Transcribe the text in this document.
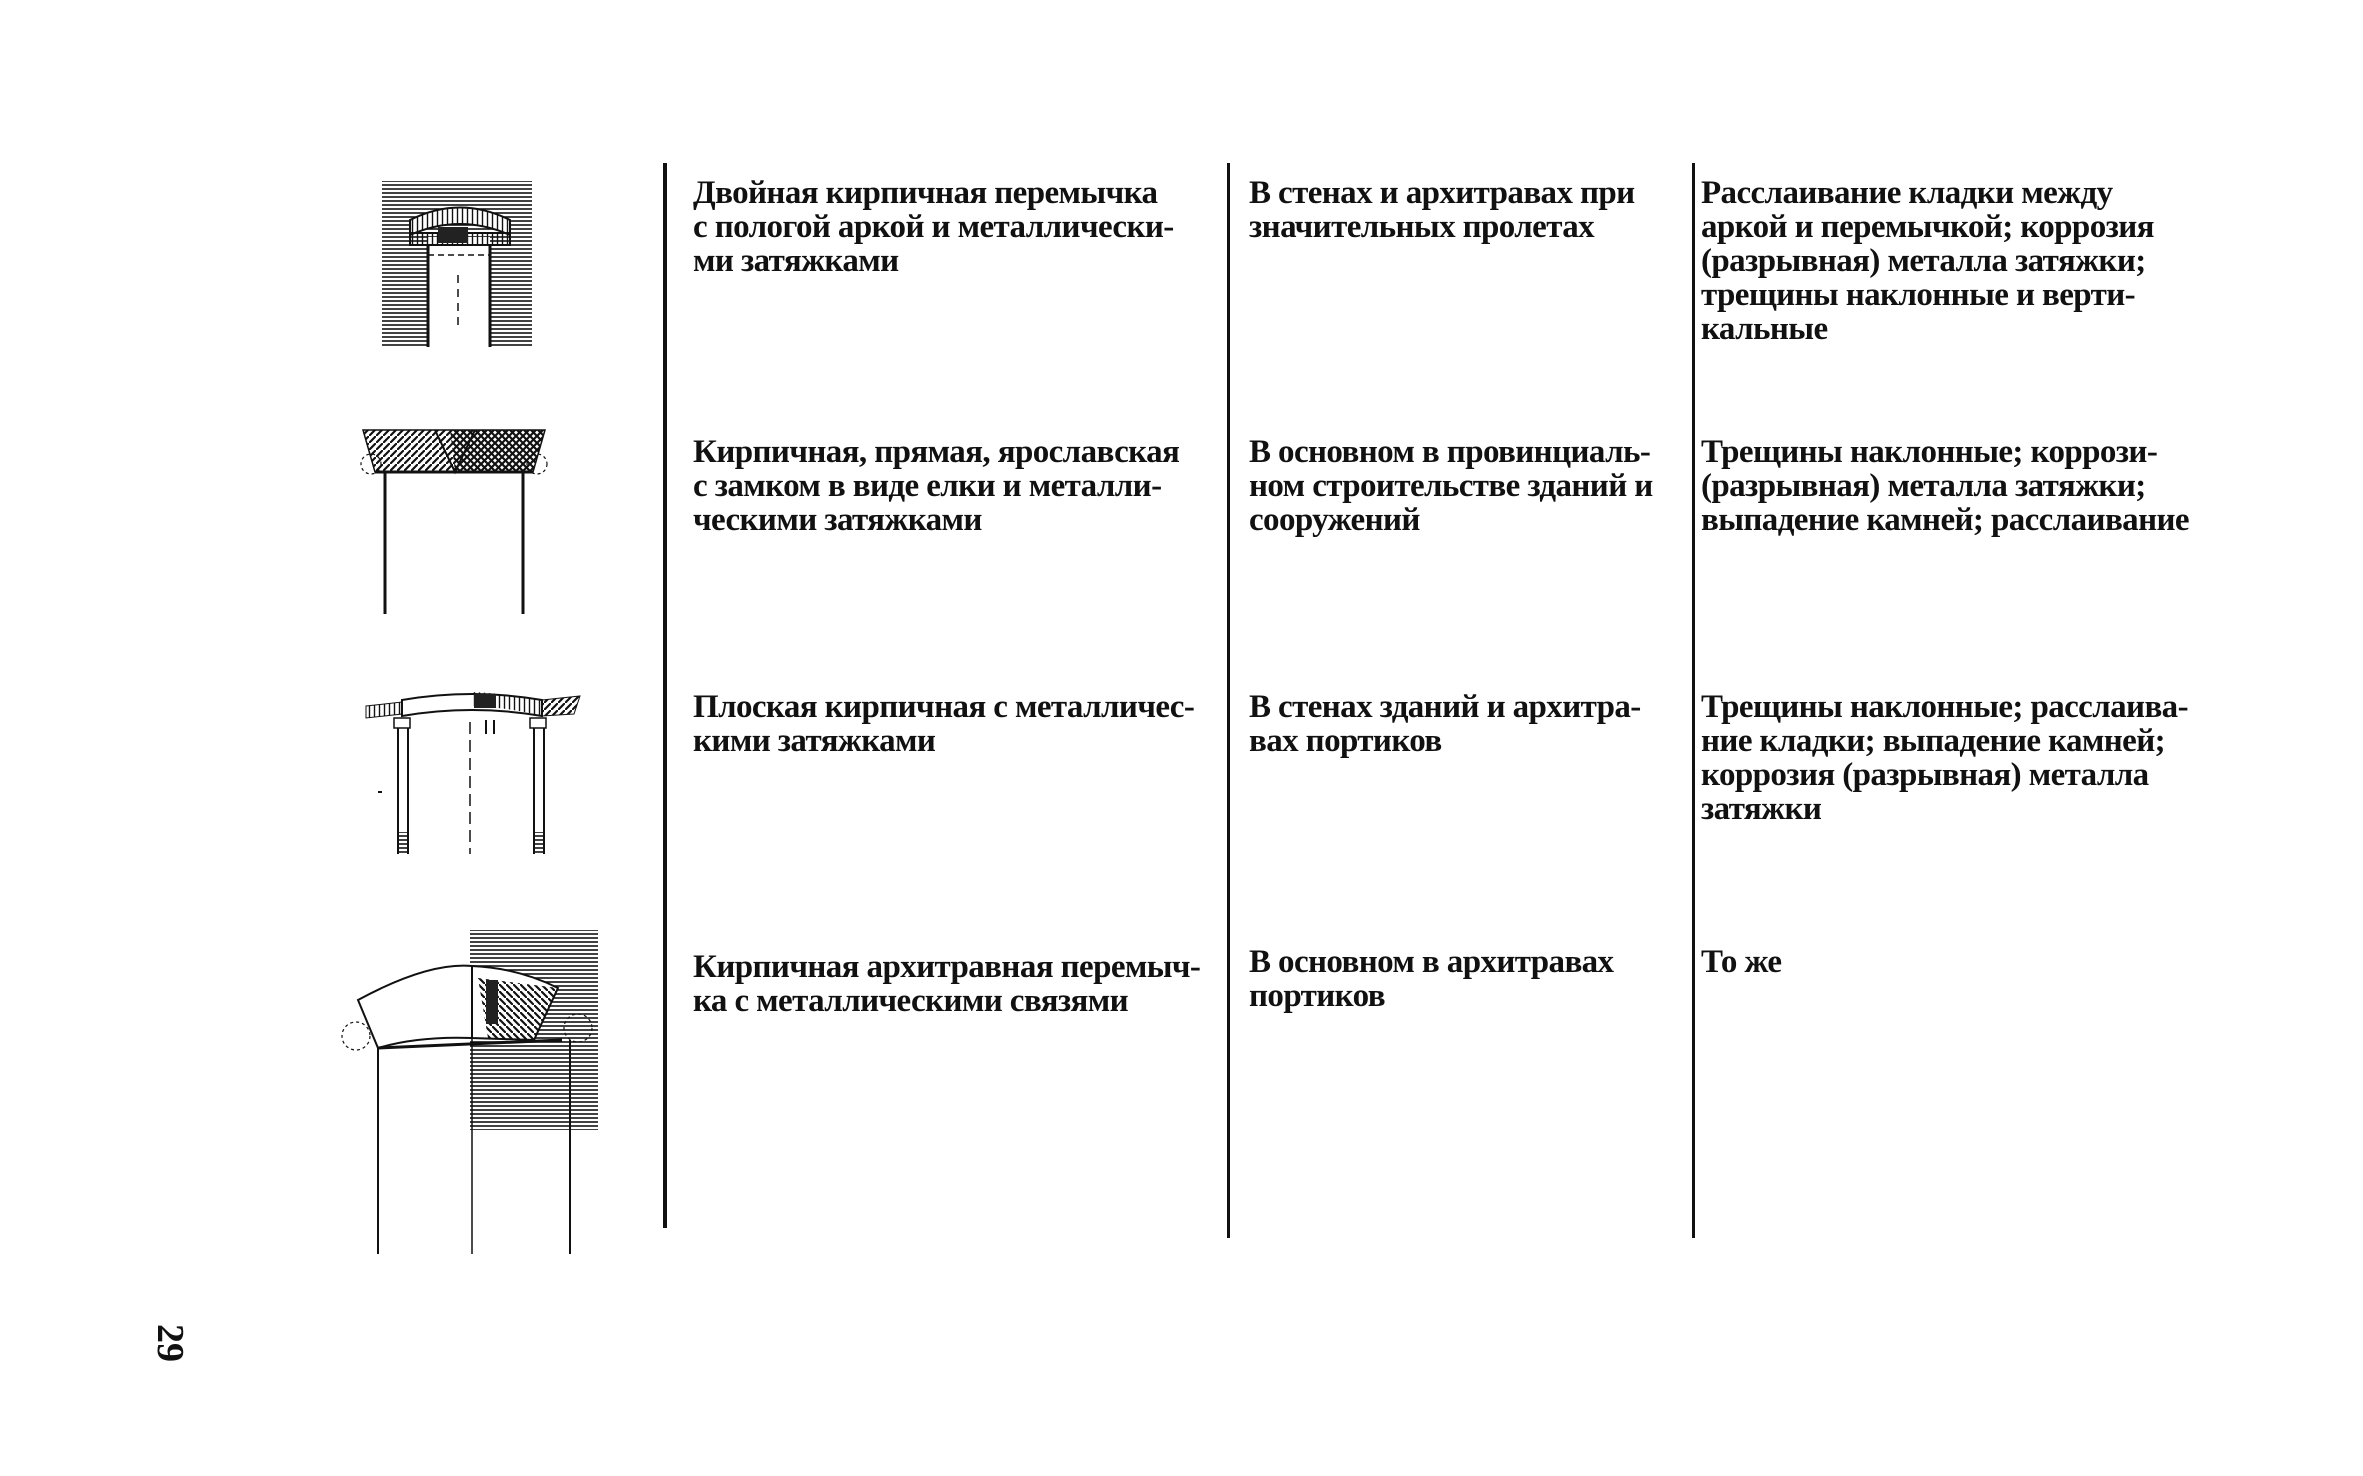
Двойная кирпичная перемычка
с пологой аркой и металлически-
ми затяжками
В стенах и архитравах при
значительных пролетах
Расслаивание кладки между
аркой и перемычкой; коррозия
(разрывная) металла затяжки;
трещины наклонные и верти-
кальные
Кирпичная, прямая, ярославская
с замком в виде елки и металли-
ческими затяжками
В основном в провинциаль-
ном строительстве зданий и
сооружений
Трещины наклонные; коррози-
(разрывная) металла затяжки;
выпадение камней; расслаивание
Плоская кирпичная с металличес-
кими затяжками
В стенах зданий и архитра-
вах портиков
Трещины наклонные; расслаива-
ние кладки; выпадение камней;
коррозия (разрывная) металла
затяжки
Кирпичная архитравная перемыч-
ка с металлическими связями
В основном в архитравах
портиков
То же
29
